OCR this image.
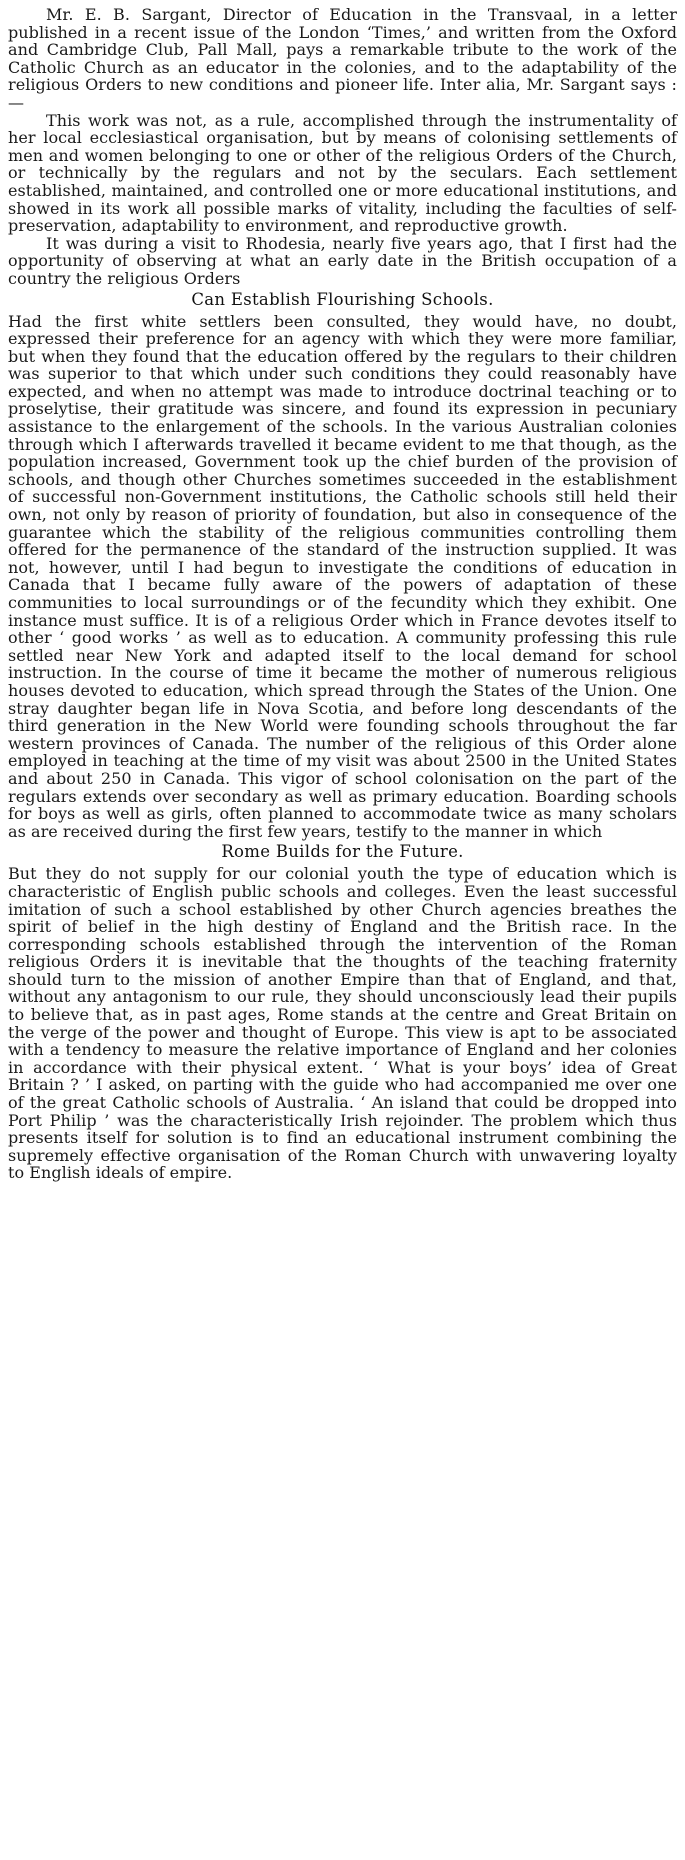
Mr. E. B. Sargant, Director of Education in the Transvaal, in a letter published in a recent issue of the London ‘Times,’ and written from the Oxford and Cambridge Club, Pall Mall, pays a remarkable tribute to the work of the Catholic Church as an educator in the colonies, and to the adaptability of the religious Orders to new conditions and pioneer life. Inter alia, Mr. Sargant says :—

This work was not, as a rule, accomplished through the instrumentality of her local ecclesiastical organisation, but by means of colonising settlements of men and women belonging to one or other of the religious Orders of the Church, or technically by the regulars and not by the seculars. Each settlement established, maintained, and controlled one or more educational institutions, and showed in its work all possible marks of vitality, including the faculties of self-preservation, adaptability to environment, and reproductive growth.

It was during a visit to Rhodesia, nearly five years ago, that I first had the opportunity of observing at what an early date in the British occupation of a country the religious Orders

Can Establish Flourishing Schools.

Had the first white settlers been consulted, they would have, no doubt, expressed their preference for an agency with which they were more familiar, but when they found that the education offered by the regulars to their children was superior to that which under such conditions they could reasonably have expected, and when no attempt was made to introduce doctrinal teaching or to proselytise, their gratitude was sincere, and found its expression in pecuniary assistance to the enlargement of the schools. In the various Australian colonies through which I afterwards travelled it became evident to me that though, as the population increased, Government took up the chief burden of the provision of schools, and though other Churches sometimes succeeded in the establishment of successful non-Government institutions, the Catholic schools still held their own, not only by reason of priority of foundation, but also in consequence of the guarantee which the stability of the religious communities controlling them offered for the permanence of the standard of the instruction supplied. It was not, however, until I had begun to investigate the conditions of education in Canada that I became fully aware of the powers of adaptation of these communities to local surroundings or of the fecundity which they exhibit. One instance must suffice. It is of a religious Order which in France devotes itself to other ‘ good works ’ as well as to education. A community professing this rule settled near New York and adapted itself to the local demand for school instruction. In the course of time it became the mother of numerous religious houses devoted to education, which spread through the States of the Union. One stray daughter began life in Nova Scotia, and before long descendants of the third generation in the New World were founding schools throughout the far western provinces of Canada. The number of the religious of this Order alone employed in teaching at the time of my visit was about 2500 in the United States and about 250 in Canada. This vigor of school colonisation on the part of the regulars extends over secondary as well as primary education. Boarding schools for boys as well as girls, often planned to accommodate twice as many scholars as are received during the first few years, testify to the manner in which

Rome Builds for the Future.

But they do not supply for our colonial youth the type of education which is characteristic of English public schools and colleges. Even the least successful imitation of such a school established by other Church agencies breathes the spirit of belief in the high destiny of England and the British race. In the corresponding schools established through the intervention of the Roman religious Orders it is inevitable that the thoughts of the teaching fraternity should turn to the mission of another Empire than that of England, and that, without any antagonism to our rule, they should unconsciously lead their pupils to believe that, as in past ages, Rome stands at the centre and Great Britain on the verge of the power and thought of Europe. This view is apt to be associated with a tendency to measure the relative importance of England and her colonies in accordance with their physical extent. ‘ What is your boys’ idea of Great Britain ? ’ I asked, on parting with the guide who had accompanied me over one of the great Catholic schools of Australia. ‘ An island that could be dropped into Port Philip ’ was the characteristically Irish rejoinder. The problem which thus presents itself for solution is to find an educational instrument combining the supremely effective organisation of the Roman Church with unwavering loyalty to English ideals of empire.
